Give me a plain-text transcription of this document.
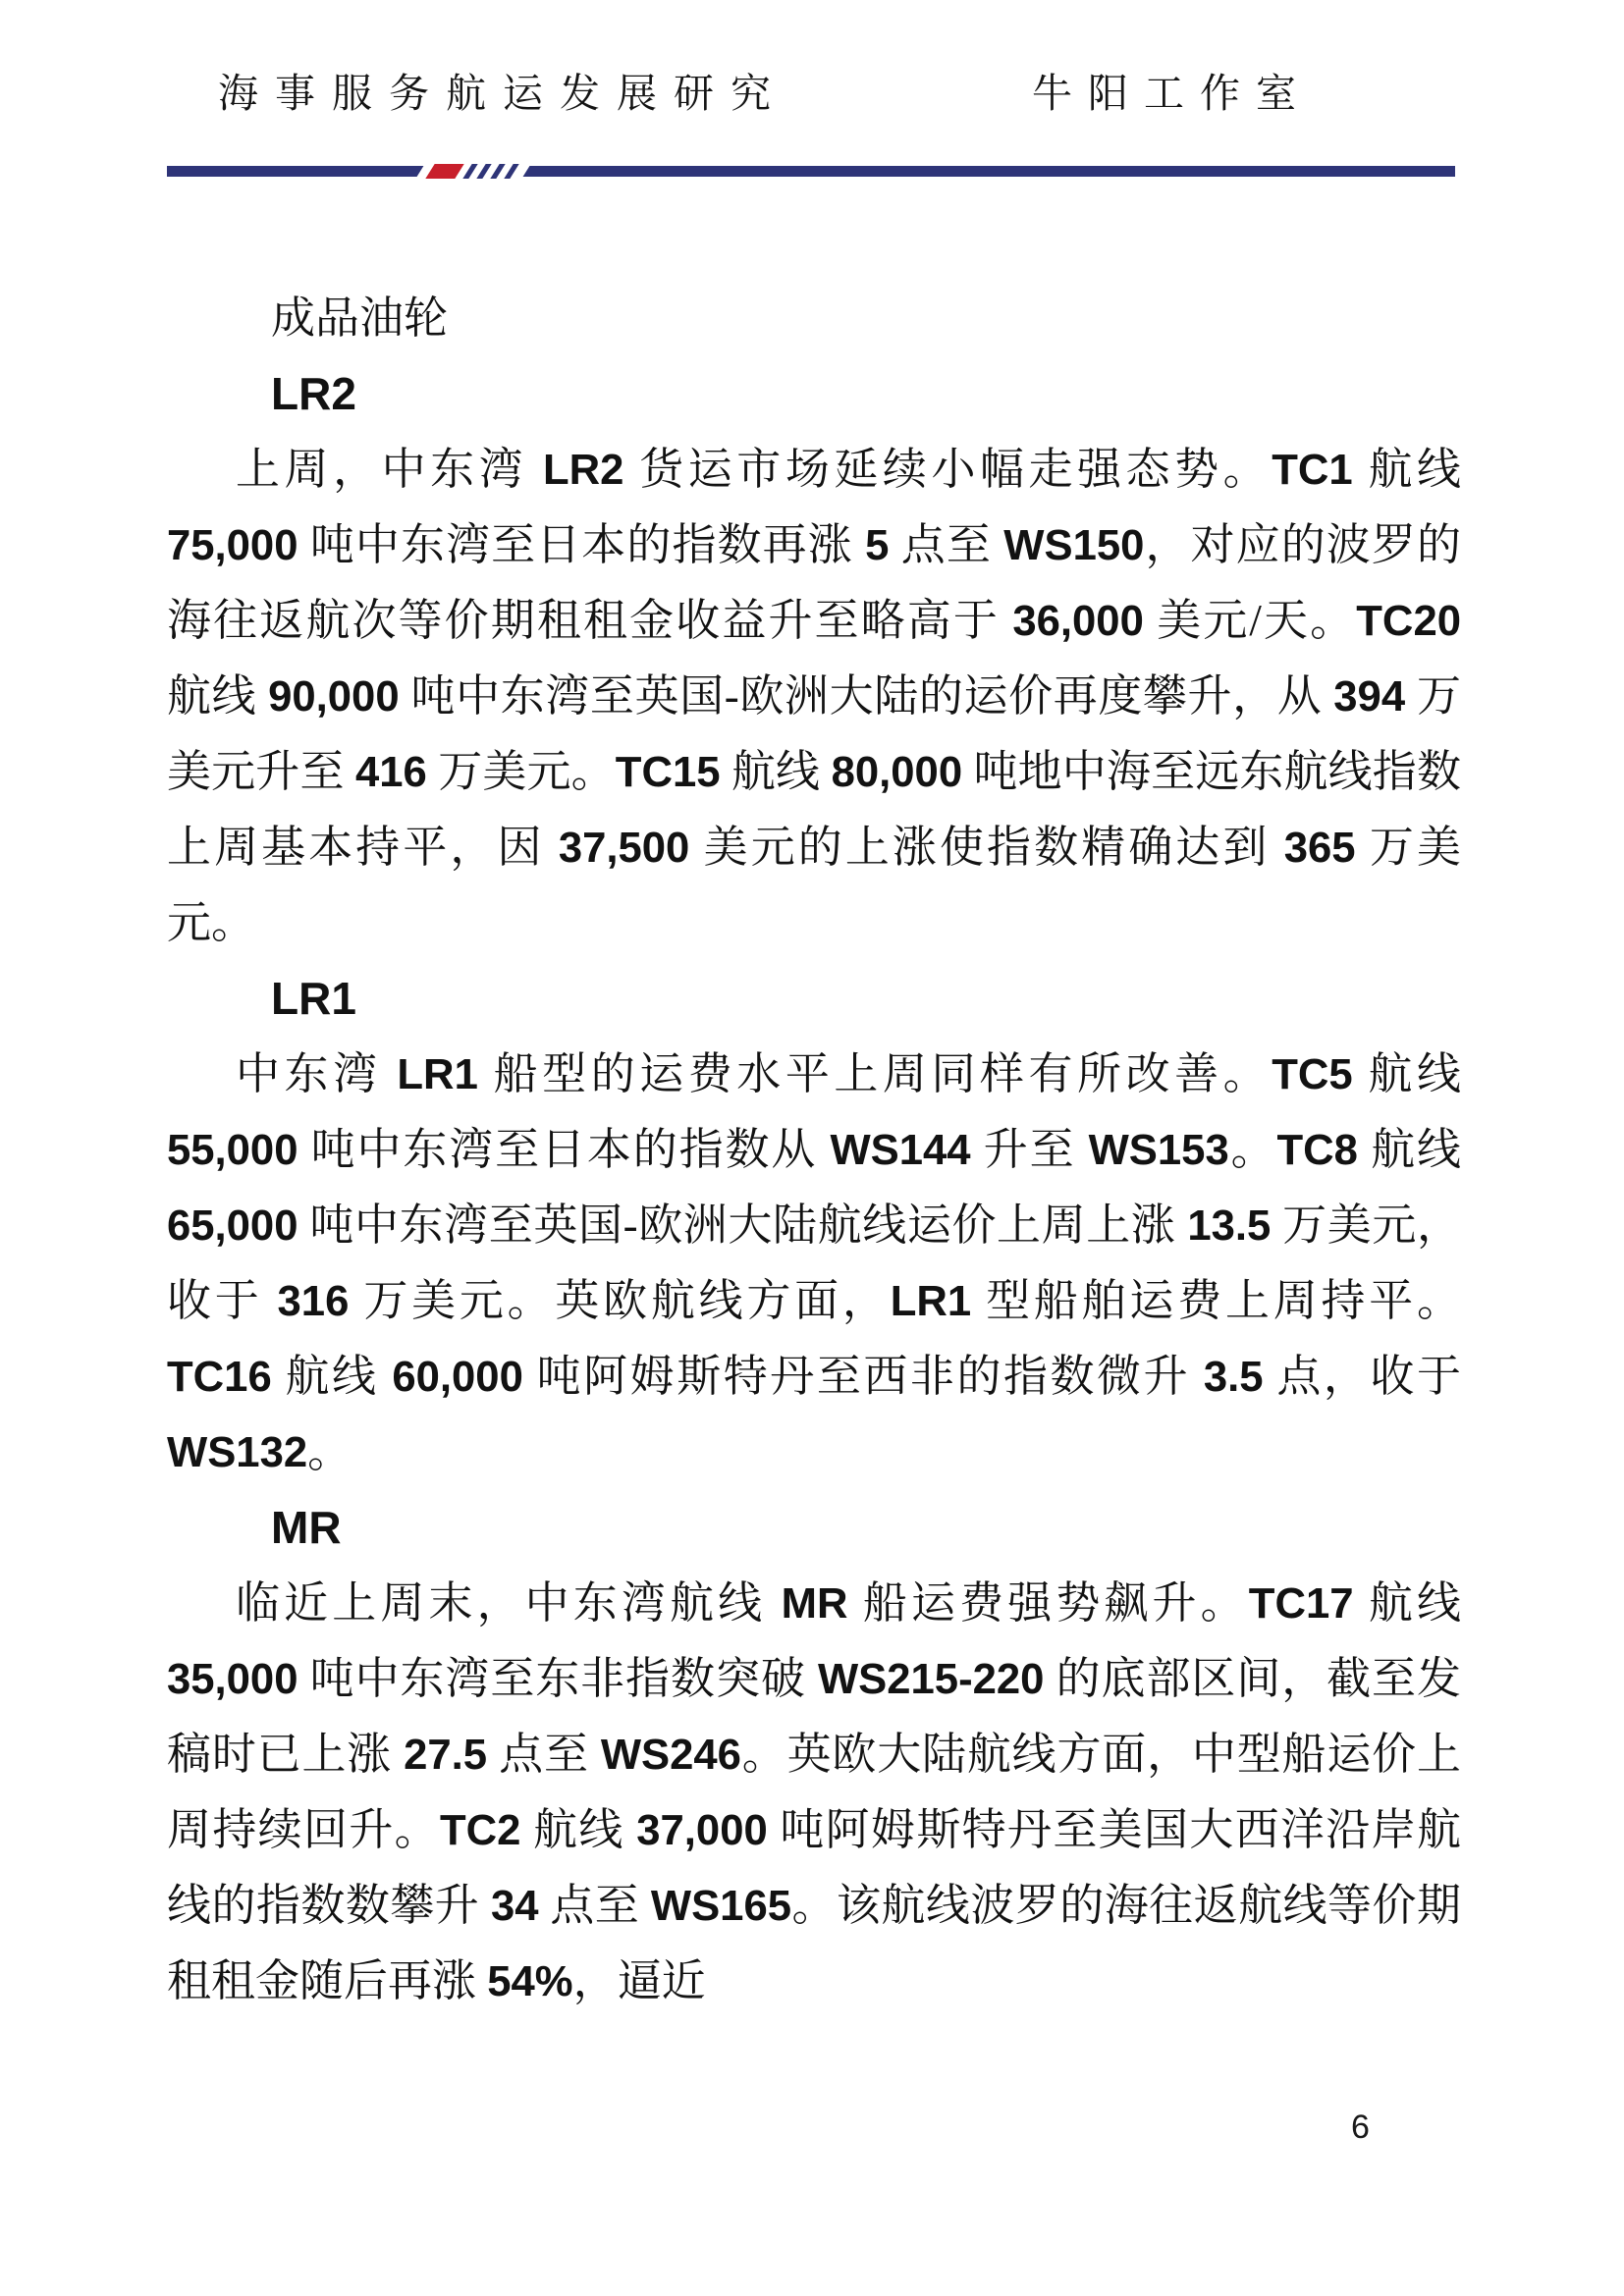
海事服务航运发展研究	牛阳工作室

成品油轮

LR2

上周，中东湾 LR2 货运市场延续小幅走强态势。TC1 航线 75,000 吨中东湾至日本的指数再涨 5 点至 WS150，对应的波罗的海往返航次等价期租租金收益升至略高于 36,000 美元/天。TC20 航线 90,000 吨中东湾至英国-欧洲大陆的运价再度攀升，从 394 万美元升至 416 万美元。TC15 航线 80,000 吨地中海至远东航线指数上周基本持平，因 37,500 美元的上涨使指数精确达到 365 万美元。

LR1

中东湾 LR1 船型的运费水平上周同样有所改善。TC5 航线 55,000 吨中东湾至日本的指数从 WS144 升至 WS153。TC8 航线 65,000 吨中东湾至英国-欧洲大陆航线运价上周上涨 13.5 万美元，收于 316 万美元。英欧航线方面，LR1 型船舶运费上周持平。TC16 航线 60,000 吨阿姆斯特丹至西非的指数微升 3.5 点，收于 WS132。

MR

临近上周末，中东湾航线 MR 船运费强势飙升。TC17 航线 35,000 吨中东湾至东非指数突破 WS215-220 的底部区间，截至发稿时已上涨 27.5 点至 WS246。英欧大陆航线方面，中型船运价上周持续回升。TC2 航线 37,000 吨阿姆斯特丹至美国大西洋沿岸航线的指数数攀升 34 点至 WS165。该航线波罗的海往返航线等价期租租金随后再涨 54%，逼近

6
